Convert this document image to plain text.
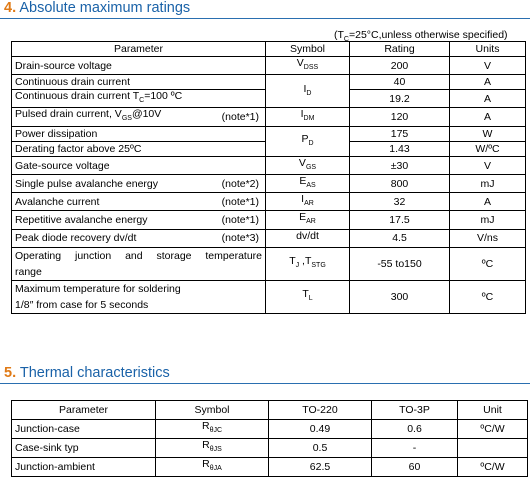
4. Absolute maximum ratings
($T_C=25^\circ C,unless$ otherwise specified)
Parameter	Symbol	Rating	Units
Drain-source voltage	$V_{DSS}$	200	V
Continuous drain current	$I_D$	40	A
Continuous drain current $T_C=100$ ºC		19.2	A
Pulsed drain current, $V_{GS}@10V$ (note*1)	$I_{DM}$	120	A
Power dissipation	$P_D$	175	W
Derating factor above 25ºC		1.43	W/ºC
Gate-source voltage	$V_{GS}$	±30	V
Single pulse avalanche energy (note*2)	$E_{AS}$	800	mJ
Avalanche current (note*1)	$I_{AR}$	32	A
Repetitive avalanche energy (note*1)	$E_{AR}$	17.5	mJ
Peak diode recovery dv/dt (note*3)	dv/dt	4.5	V/ns

Operating junction and storage temperature
range	$T_J$ $,T_{STG}$	-55 to150	ºC

Maximum temperature for soldering
1/8″ from case for 5 seconds	$T_L$	300	ºC
5. Thermal characteristics
Parameter	Symbol	TO-220	TO-3P	Unit
Junction-case	$R_{\theta JC}$	0.49	0.6	ºC/W
Case-sink typ	$R_{\theta JS}$	0.5	-	
Junction-ambient	$R_{\theta JA}$	62.5	60	ºC/W
